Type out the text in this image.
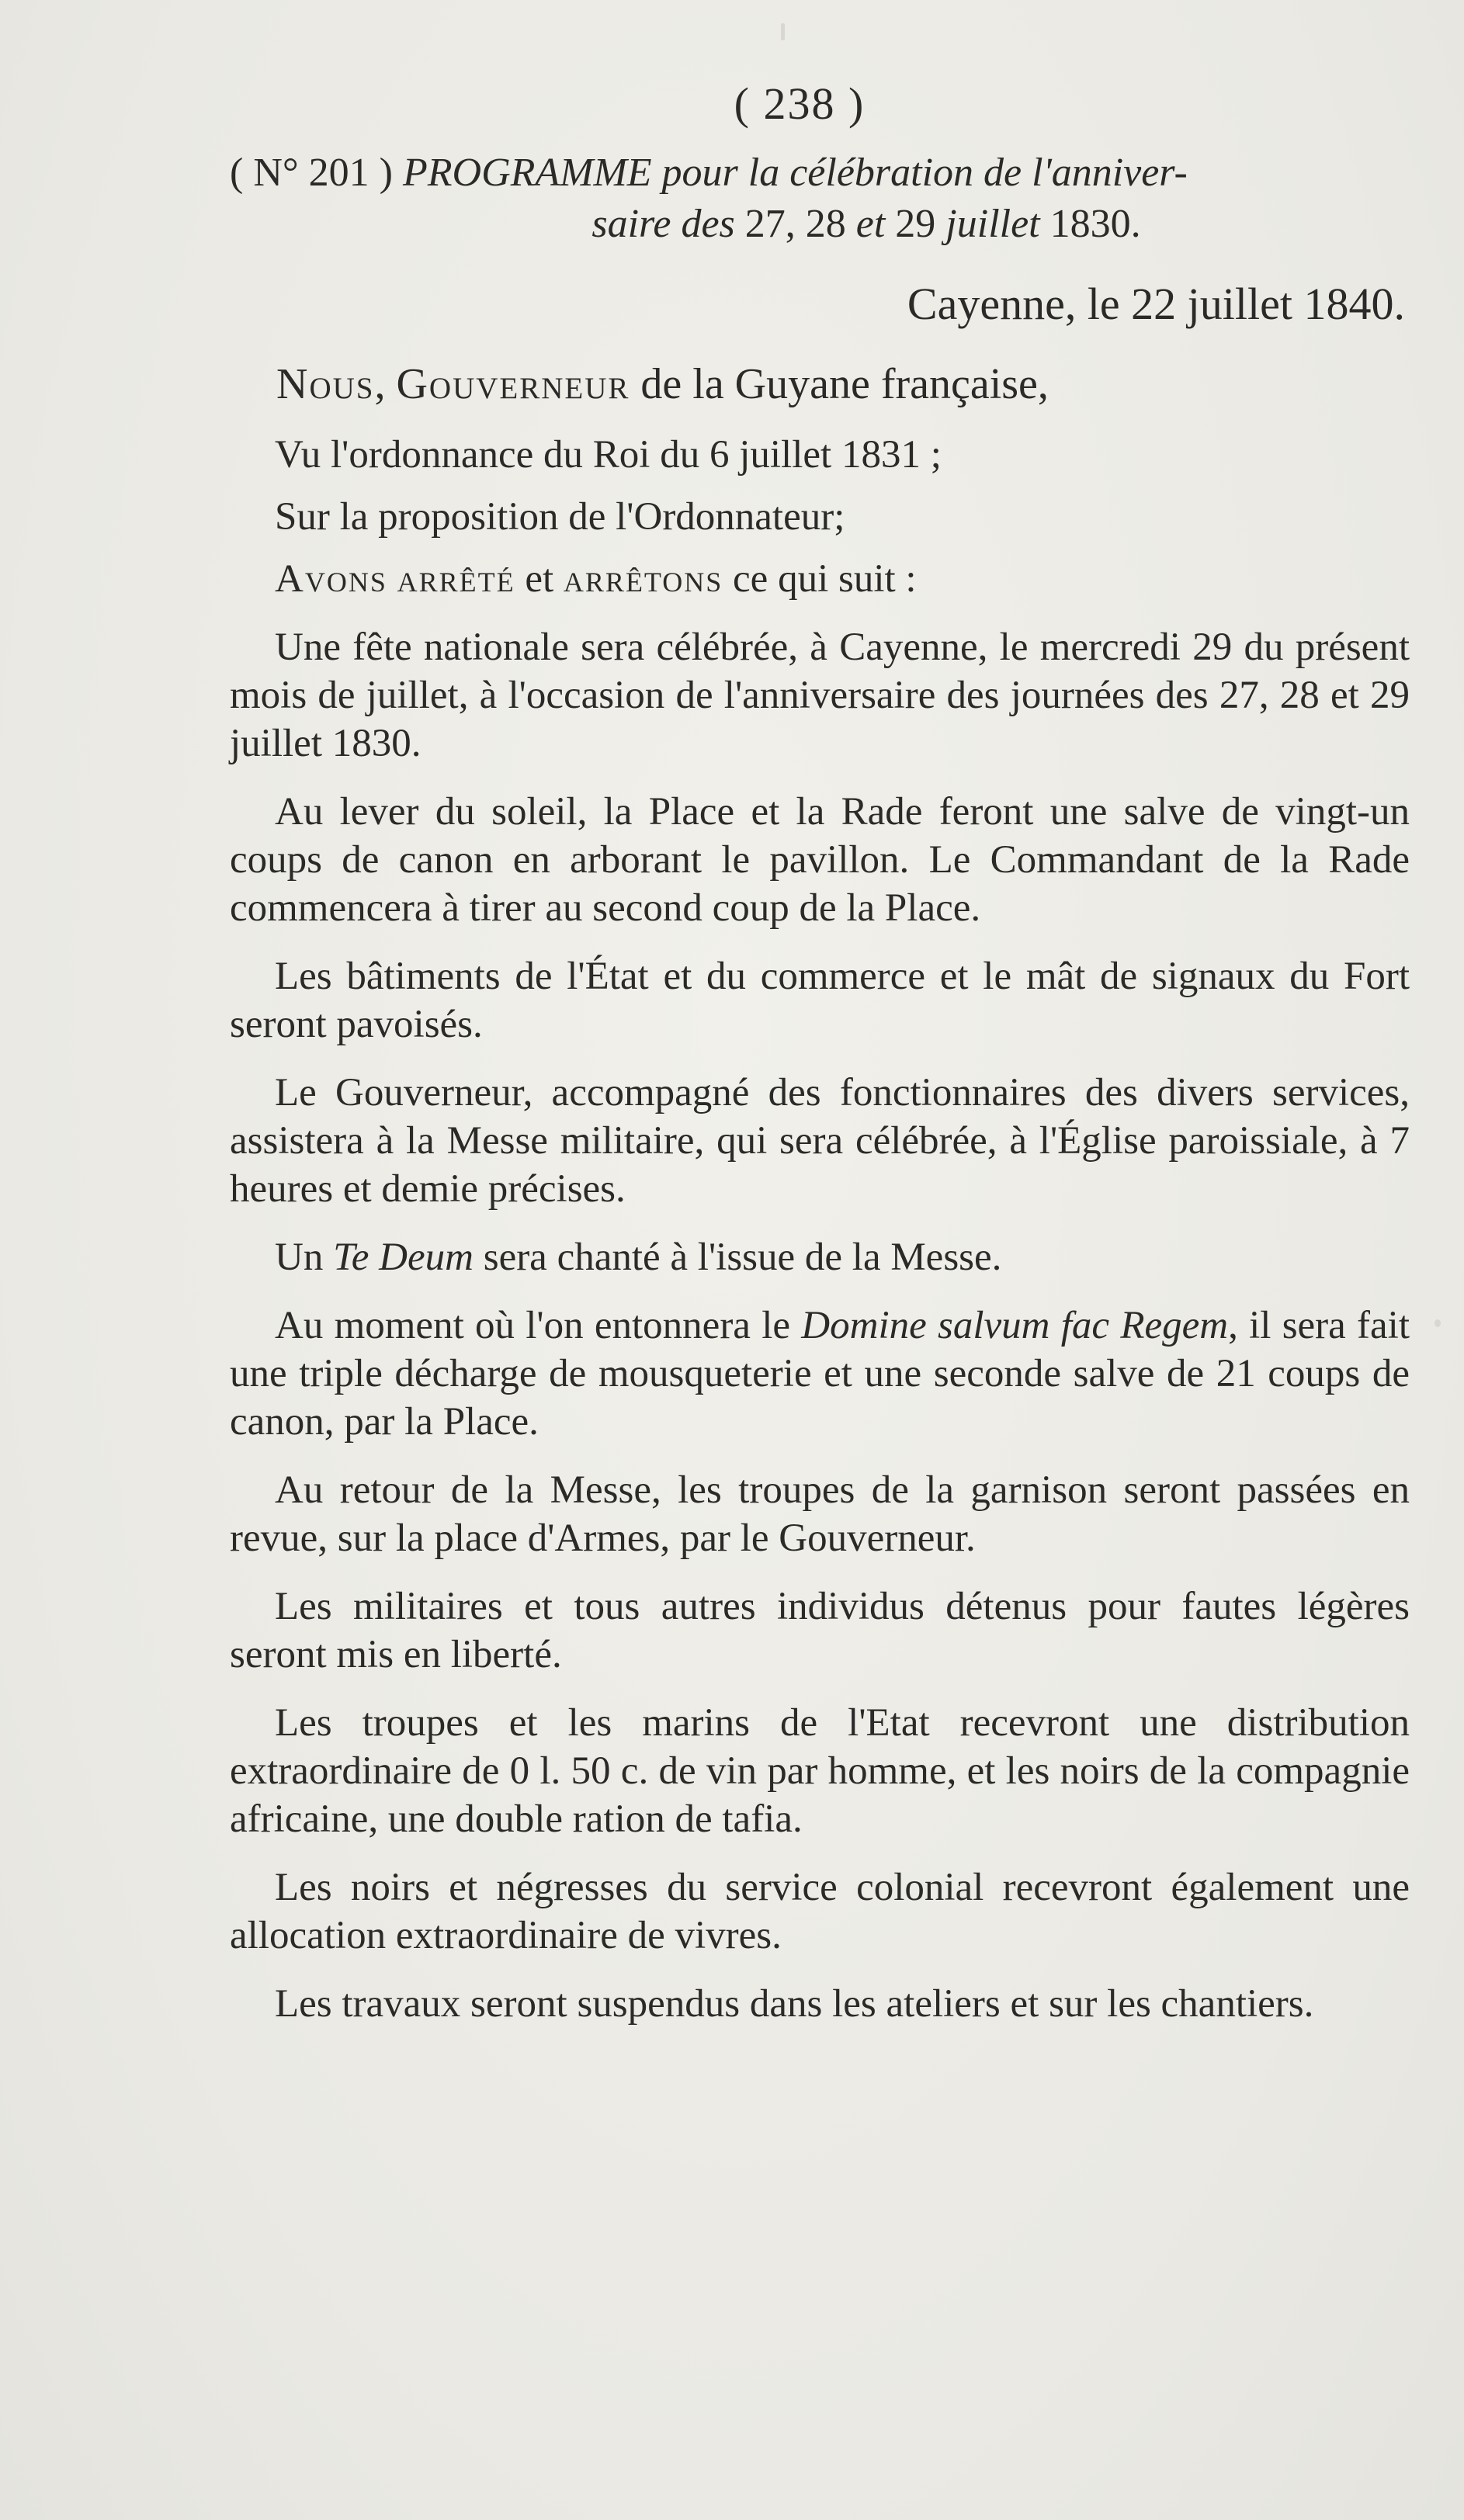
( 238 )
( N° 201 ) PROGRAMME pour la célébration de l'anniver-
saire des 27, 28 et 29 juillet 1830.
Cayenne, le 22 juillet 1840.
Nous, Gouverneur de la Guyane française,

Vu l'ordonnance du Roi du 6 juillet 1831 ;

Sur la proposition de l'Ordonnateur;

Avons arrêté et arrêtons ce qui suit :

Une fête nationale sera célébrée, à Cayenne, le mercredi 29 du présent mois de juillet, à l'occasion de l'anniversaire des journées des 27, 28 et 29 juillet 1830.

Au lever du soleil, la Place et la Rade feront une salve de vingt-un coups de canon en arborant le pavillon. Le Commandant de la Rade commencera à tirer au second coup de la Place.

Les bâtiments de l'État et du commerce et le mât de signaux du Fort seront pavoisés.

Le Gouverneur, accompagné des fonctionnaires des divers services, assistera à la Messe militaire, qui sera célébrée, à l'Église paroissiale, à 7 heures et demie précises.

Un Te Deum sera chanté à l'issue de la Messe.

Au moment où l'on entonnera le Domine salvum fac Regem, il sera fait une triple décharge de mousqueterie et une seconde salve de 21 coups de canon, par la Place.

Au retour de la Messe, les troupes de la garnison seront passées en revue, sur la place d'Armes, par le Gouverneur.

Les militaires et tous autres individus détenus pour fautes légères seront mis en liberté.

Les troupes et les marins de l'Etat recevront une distribution extraordinaire de 0 l. 50 c. de vin par homme, et les noirs de la compagnie africaine, une double ration de tafia.

Les noirs et négresses du service colonial recevront également une allocation extraordinaire de vivres.

Les travaux seront suspendus dans les ateliers et sur les chantiers.
